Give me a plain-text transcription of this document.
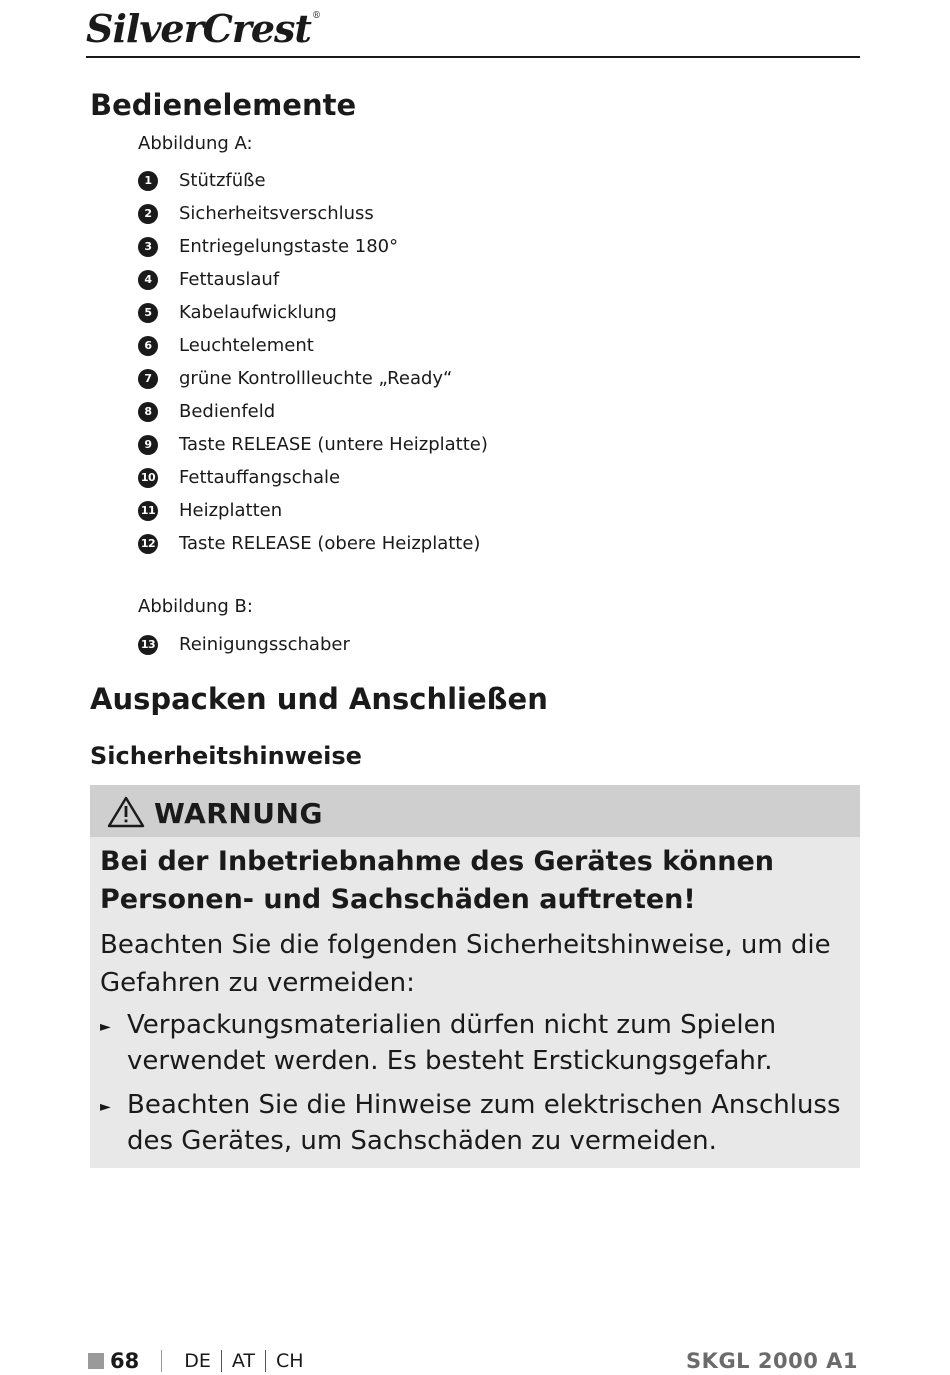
SilverCrest®
Bedienelemente
Abbildung A:
1	Stützfüße
2	Sicherheitsverschluss
3	Entriegelungstaste 180°
4	Fettauslauf
5	Kabelaufwicklung
6	Leuchtelement
7	grüne Kontrollleuchte „Ready“
8	Bedienfeld
9	Taste RELEASE (untere Heizplatte)
10 Fettauffangschale
11 Heizplatten
12 Taste RELEASE (obere Heizplatte)
Abbildung B:
13 Reinigungsschaber
Auspacken und Anschließen
Sicherheitshinweise
WARNUNG
Bei der Inbetriebnahme des Gerätes können Personen- und Sachschäden auftreten!
Beachten Sie die folgenden Sicherheitshinweise, um die Gefahren zu vermeiden:
► Verpackungsmaterialien dürfen nicht zum Spielen verwendet werden. Es besteht Erstickungsgefahr.
► Beachten Sie die Hinweise zum elektrischen Anschluss des Gerätes, um Sachschäden zu vermeiden.
68 DE AT CH	SKGL 2000 A1
